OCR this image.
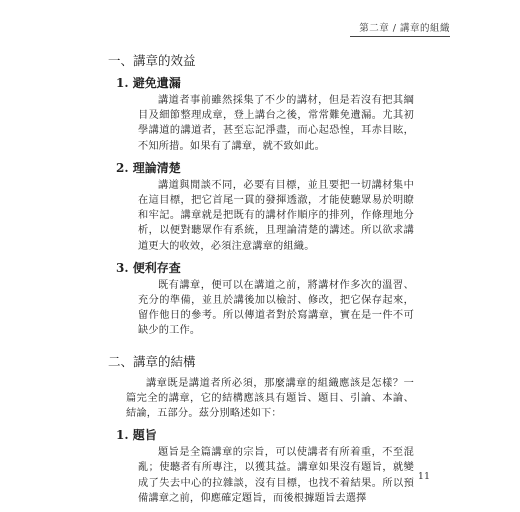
第二章 / 講章的組織
一、講章的效益
1. 避免遺漏
講道者事前雖然採集了不少的講材，但是若沒有把其綱目及細節整理成章，登上講台之後，常常難免遺漏。尤其初學講道的講道者，甚至忘記淨盡，而心起恐惶，耳赤目眩，不知所措。如果有了講章，就不致如此。
2. 理論清楚
講道與閒談不同，必要有目標，並且要把一切講材集中在這目標，把它首尾一貫的發揮透澈，才能使聽眾易於明瞭和牢記。講章就是把既有的講材作順序的排列，作條理地分析，以便對聽眾作有系統，且理論清楚的講述。所以欲求講道更大的收效，必須注意講章的組織。
3. 便利存查
既有講章，便可以在講道之前，將講材作多次的溫習、充分的準備，並且於講後加以檢討、修改，把它保存起來，留作他日的參考。所以傳道者對於寫講章，實在是一件不可缺少的工作。
二、講章的結構
講章既是講道者所必須，那麼講章的組織應該是怎樣？一篇完全的講章，它的結構應該具有題旨、題目、引論、本論、結論，五部分。茲分別略述如下：
1. 題旨
題旨是全篇講章的宗旨，可以使講者有所着重，不至混亂；使聽者有所專注，以獲其益。講章如果沒有題旨，就變成了失去中心的拉雜談，沒有目標，也找不着結果。所以預備講章之前，仰應確定題旨，而後根據題旨去選擇
11
